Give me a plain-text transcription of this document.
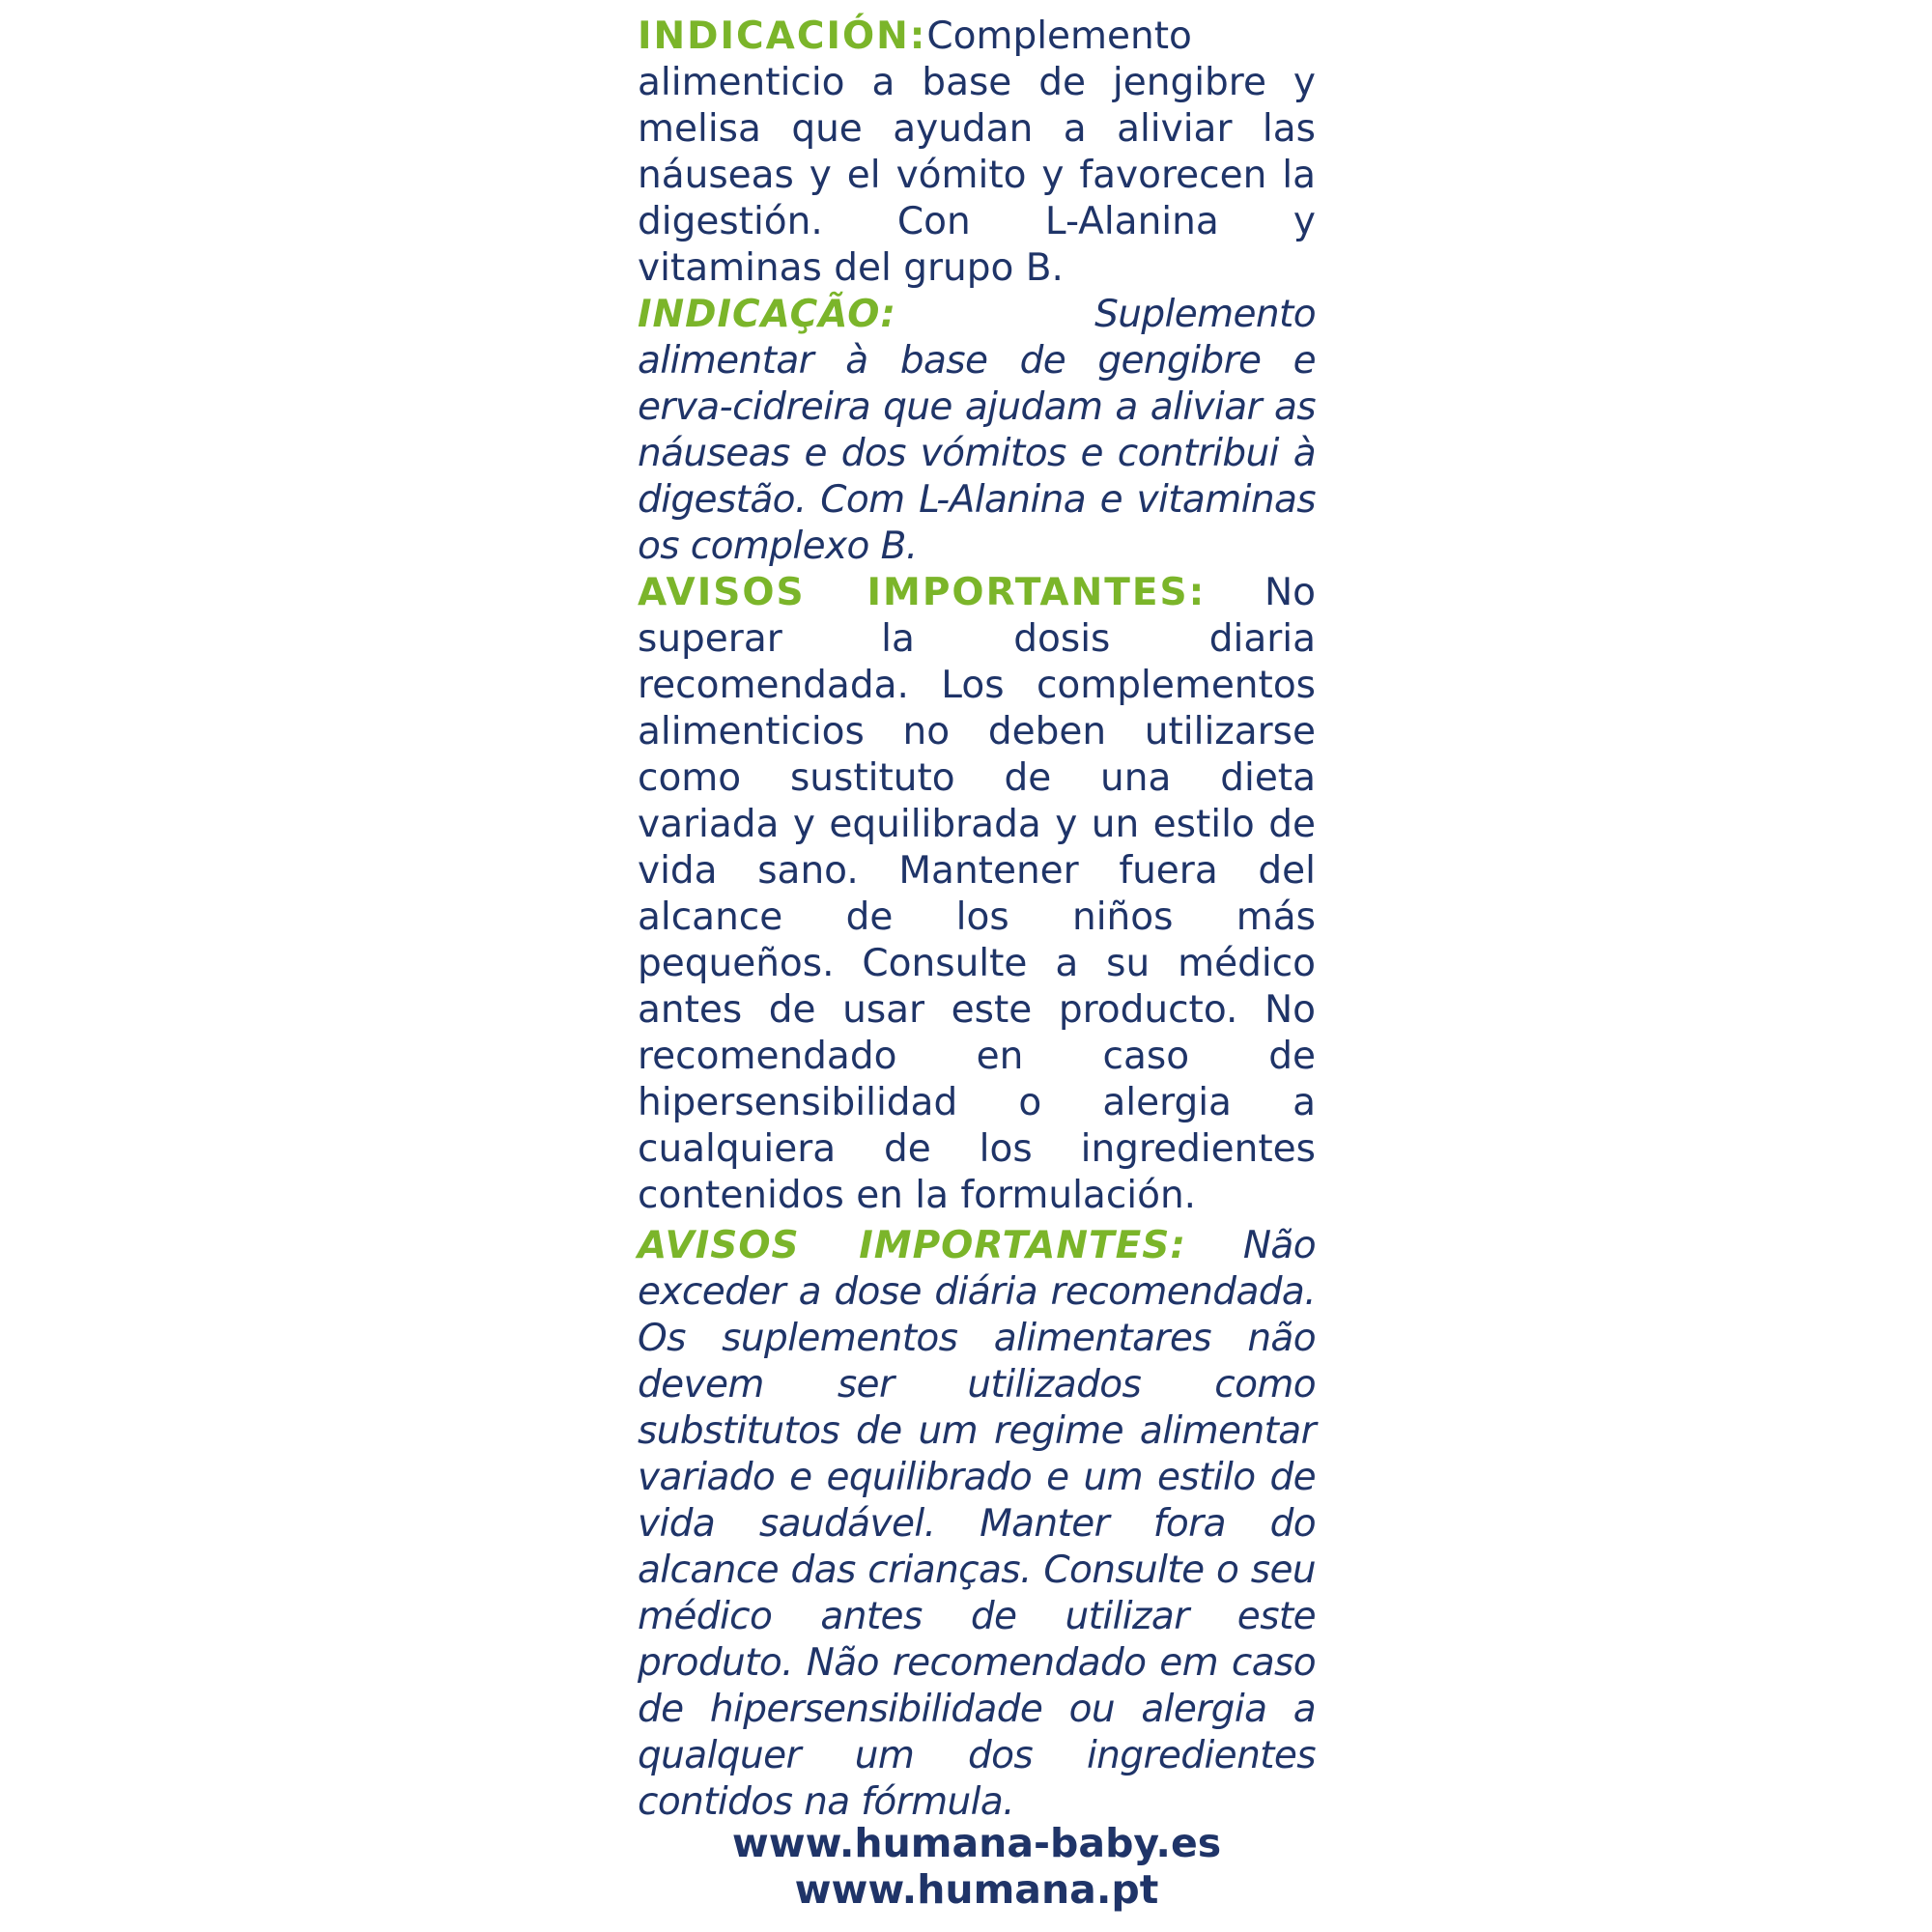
INDICACIÓN:Complemento alimenticio a base de jengibre y melisa que ayudan a aliviar las náuseas y el vómito y favorecen la digestión. Con L-Alanina y vitaminas del grupo B.

INDICAÇÃO: Suplemento alimentar à base de gengibre e erva-cidreira que ajudam a aliviar as náuseas e dos vómitos e contribui à digestão. Com L-Alanina e vitaminas os complexo B.

AVISOS IMPORTANTES: No superar la dosis diaria recomendada. Los complementos alimenticios no deben utilizarse como sustituto de una dieta variada y equilibrada y un estilo de vida sano. Mantener fuera del alcance de los niños más pequeños. Consulte a su médico antes de usar este producto. No recomendado en caso de hipersensibilidad o alergia a cualquiera de los ingredientes contenidos en la formulación.

AVISOS IMPORTANTES: Não exceder a dose diária recomendada. Os suplementos alimentares não devem ser utilizados como substitutos de um regime alimentar variado e equilibrado e um estilo de vida saudável. Manter fora do alcance das crianças. Consulte o seu médico antes de utilizar este produto. Não recomendado em caso de hipersensibilidade ou alergia a qualquer um dos ingredientes contidos na fórmula.

www.humana-baby.es
www.humana.pt
